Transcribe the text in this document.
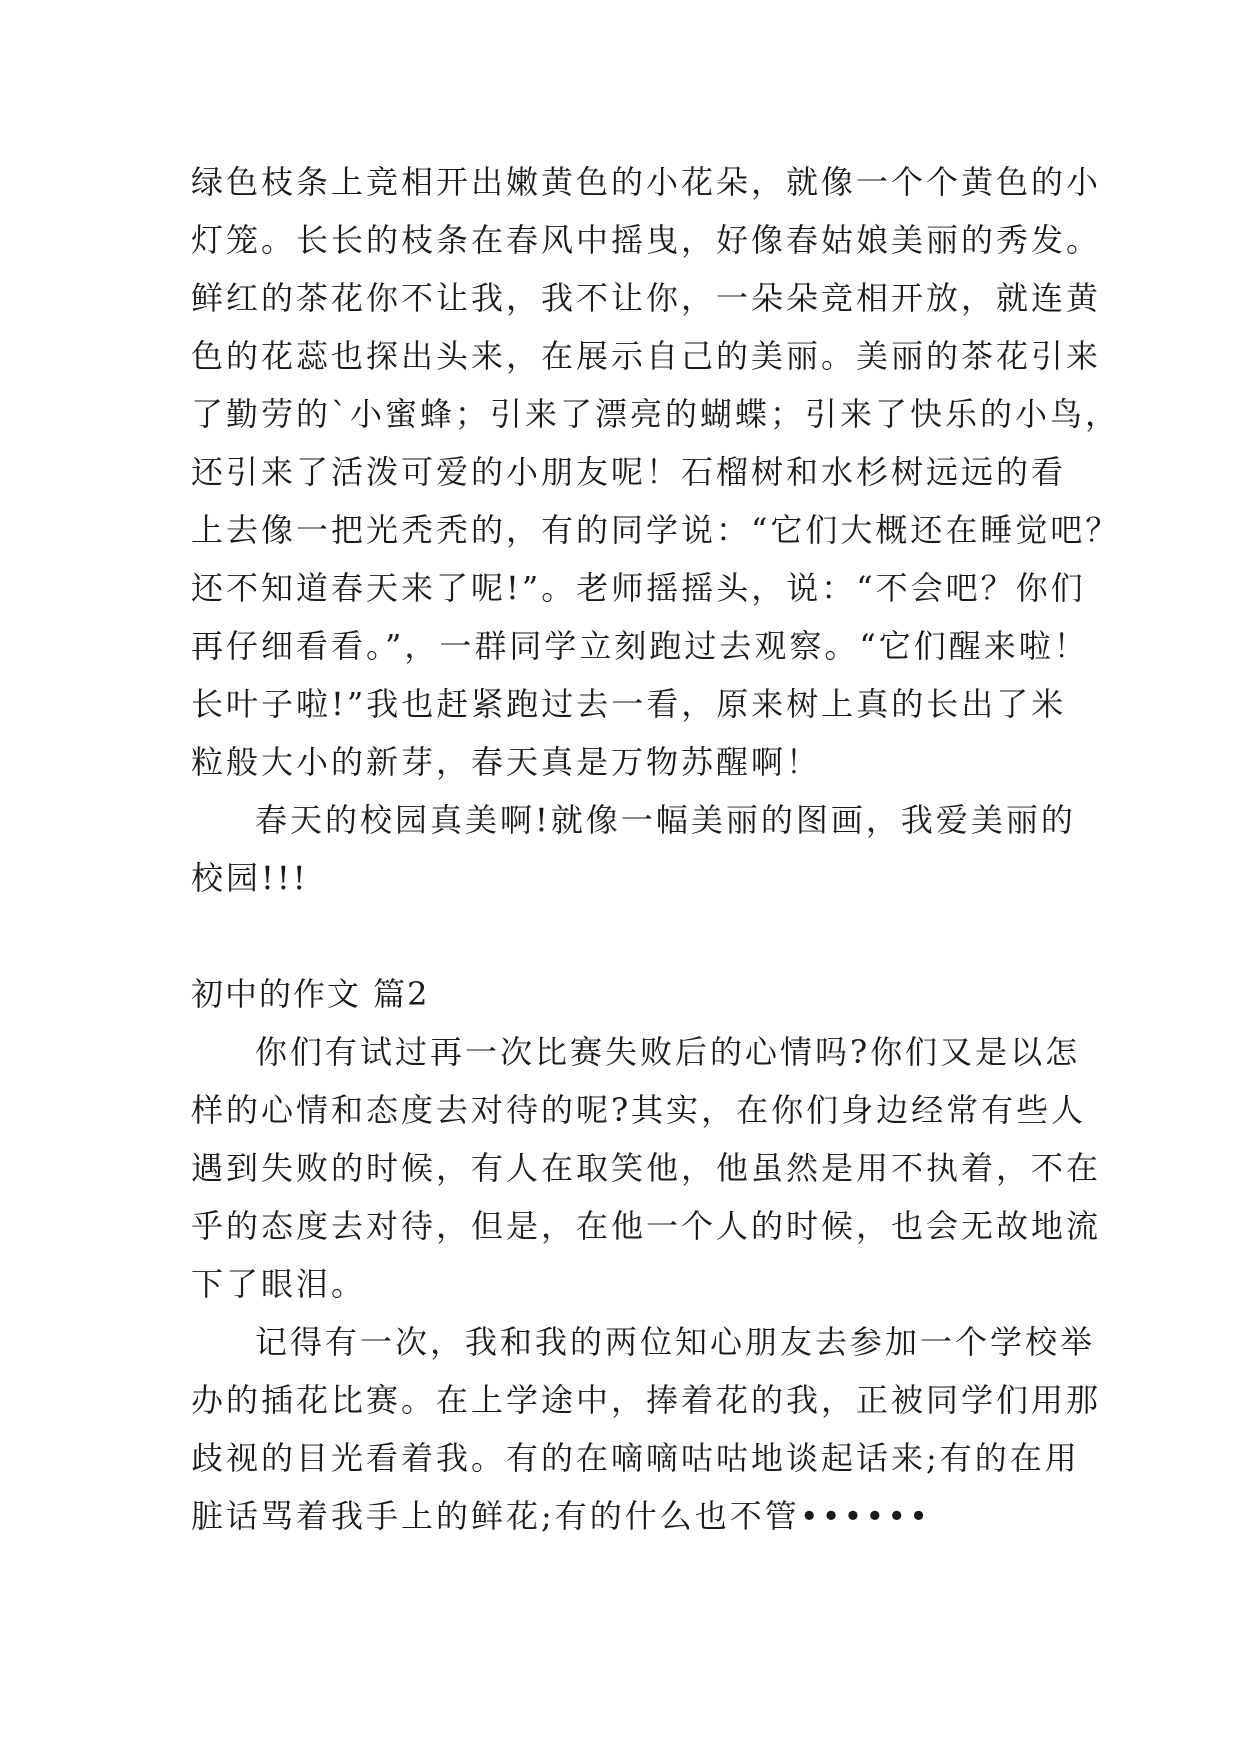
绿色枝条上竞相开出嫩黄色的小花朵，就像一个个黄色的小
灯笼。长长的枝条在春风中摇曳，好像春姑娘美丽的秀发。
鲜红的茶花你不让我，我不让你，一朵朵竞相开放，就连黄
色的花蕊也探出头来，在展示自己的美丽。美丽的茶花引来
了勤劳的`小蜜蜂；引来了漂亮的蝴蝶；引来了快乐的小鸟，
还引来了活泼可爱的小朋友呢！石榴树和水杉树远远的看
上去像一把光秃秃的，有的同学说：“它们大概还在睡觉吧？
还不知道春天来了呢!”。老师摇摇头，说：“不会吧？你们
再仔细看看。”，一群同学立刻跑过去观察。“它们醒来啦！
长叶子啦!”我也赶紧跑过去一看，原来树上真的长出了米
粒般大小的新芽，春天真是万物苏醒啊！
春天的校园真美啊!就像一幅美丽的图画，我爱美丽的
校园!!!
初中的作文 篇2
你们有试过再一次比赛失败后的心情吗?你们又是以怎
样的心情和态度去对待的呢?其实，在你们身边经常有些人
遇到失败的时候，有人在取笑他，他虽然是用不执着，不在
乎的态度去对待，但是，在他一个人的时候，也会无故地流
下了眼泪。
记得有一次，我和我的两位知心朋友去参加一个学校举
办的插花比赛。在上学途中，捧着花的我，正被同学们用那
歧视的目光看着我。有的在嘀嘀咕咕地谈起话来;有的在用
脏话骂着我手上的鲜花;有的什么也不管••••••
